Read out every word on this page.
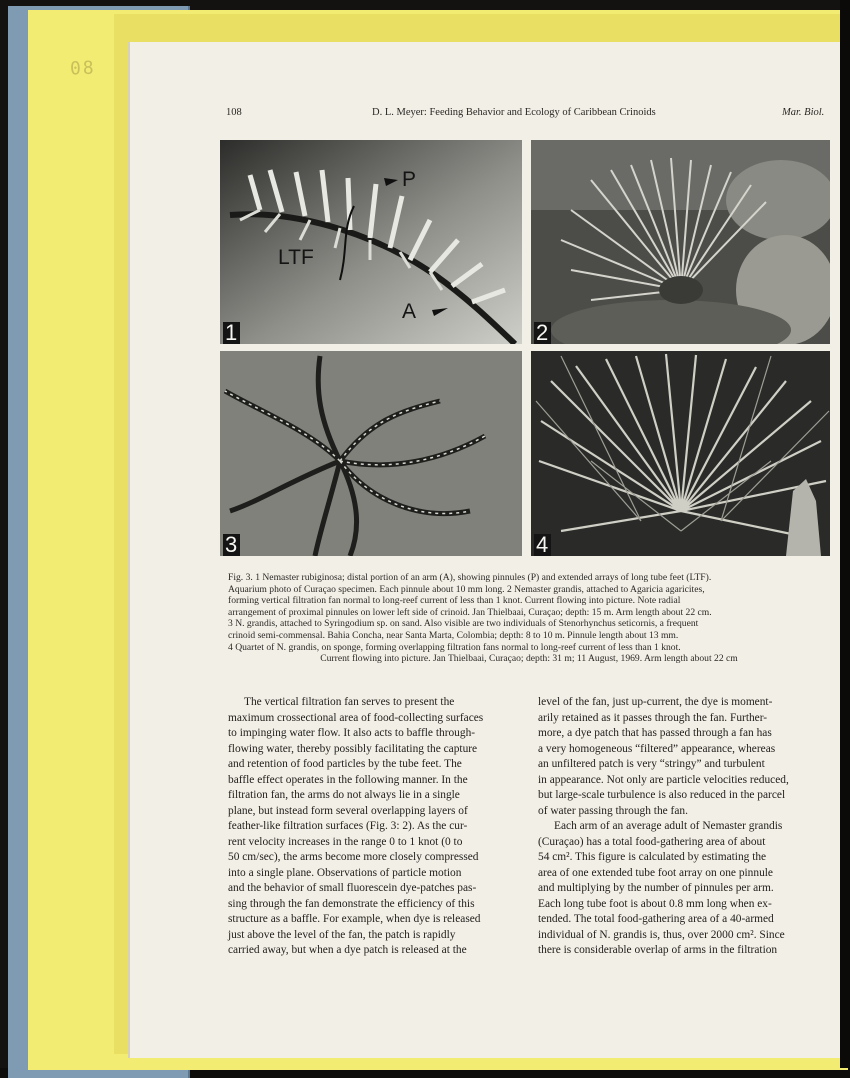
08
108	D. L. Meyer: Feeding Behavior and Ecology of Caribbean Crinoids	Mar. Biol.
P
LTF
A
1	2
3	4

Fig. 3. 1 Nemaster rubiginosa; distal portion of an arm (A), showing pinnules (P) and extended arrays of long tube feet (LTF).

Aquarium photo of Curaçao specimen. Each pinnule about 10 mm long. 2 Nemaster grandis, attached to Agaricia agaricites,

forming vertical filtration fan normal to long-reef current of less than 1 knot. Current flowing into picture. Note radial

arrangement of proximal pinnules on lower left side of crinoid. Jan Thielbaai, Curaçao; depth: 15 m. Arm length about 22 cm.

3 N. grandis, attached to Syringodium sp. on sand. Also visible are two individuals of Stenorhynchus seticornis, a frequent

crinoid semi-commensal. Bahia Concha, near Santa Marta, Colombia; depth: 8 to 10 m. Pinnule length about 13 mm.

4 Quartet of N. grandis, on sponge, forming overlapping filtration fans normal to long-reef current of less than 1 knot.

Current flowing into picture. Jan Thielbaai, Curaçao; depth: 31 m; 11 August, 1969. Arm length about 22 cm

The vertical filtration fan serves to present the

maximum crossectional area of food-collecting surfaces

to impinging water flow. It also acts to baffle through-

flowing water, thereby possibly facilitating the capture

and retention of food particles by the tube feet. The

baffle effect operates in the following manner. In the

filtration fan, the arms do not always lie in a single

plane, but instead form several overlapping layers of

feather-like filtration surfaces (Fig. 3: 2). As the cur-

rent velocity increases in the range 0 to 1 knot (0 to

50 cm/sec), the arms become more closely compressed

into a single plane. Observations of particle motion

and the behavior of small fluorescein dye-patches pas-

sing through the fan demonstrate the efficiency of this

structure as a baffle. For example, when dye is released

just above the level of the fan, the patch is rapidly

carried away, but when a dye patch is released at the

level of the fan, just up-current, the dye is moment-

arily retained as it passes through the fan. Further-

more, a dye patch that has passed through a fan has

a very homogeneous “filtered” appearance, whereas

an unfiltered patch is very “stringy” and turbulent

in appearance. Not only are particle velocities reduced,

but large-scale turbulence is also reduced in the parcel

of water passing through the fan.

Each arm of an average adult of Nemaster grandis

(Curaçao) has a total food-gathering area of about

54 cm². This figure is calculated by estimating the

area of one extended tube foot array on one pinnule

and multiplying by the number of pinnules per arm.

Each long tube foot is about 0.8 mm long when ex-

tended. The total food-gathering area of a 40-armed

individual of N. grandis is, thus, over 2000 cm². Since

there is considerable overlap of arms in the filtration
